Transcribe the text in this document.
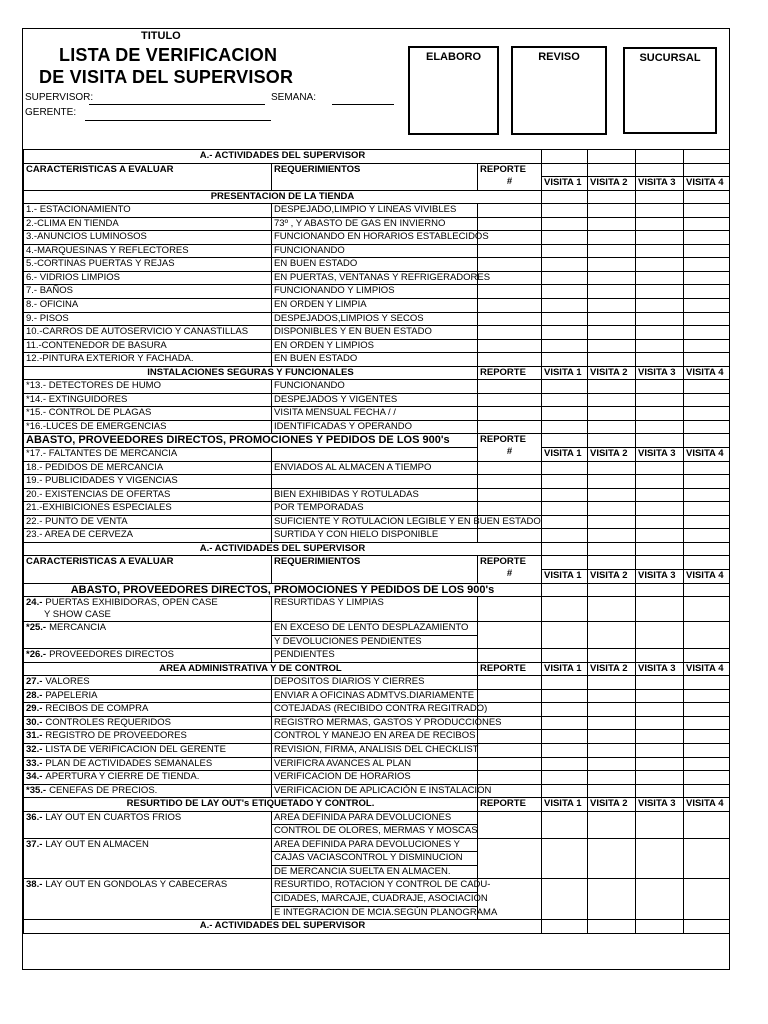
TITULO
LISTA DE VERIFICACION
DE VISITA DEL SUPERVISOR
SUPERVISOR:	SEMANA:
GERENTE:
ELABORO	REVISO	SUCURSAL
A.- ACTIVIDADES DEL SUPERVISOR						
CARACTERISTICAS A EVALUAR	REQUERIMIENTOS	REPORTE
#				

			VISITA 1	VISITA 2	VISITA 3	VISITA 4
PRESENTACION DE LA TIENDA						
1.- ESTACIONAMIENTO	DESPEJADO,LIMPIO Y LINEAS VIVIBLES					
2.-CLIMA EN TIENDA	73º , Y ABASTO DE GAS EN INVIERNO					
3.-ANUNCIOS LUMINOSOS	FUNCIONANDO EN HORARIOS ESTABLECIDOS					
4.-MARQUESINAS Y REFLECTORES	FUNCIONANDO					
5.-CORTINAS PUERTAS Y REJAS	EN BUEN ESTADO					
6.- VIDRIOS LIMPIOS	EN PUERTAS, VENTANAS Y REFRIGERADORES					
7.- BAÑOS	FUNCIONANDO Y LIMPIOS					
8.- OFICINA	EN ORDEN Y LIMPIA					
9.- PISOS	DESPEJADOS,LIMPIOS Y SECOS					
10.-CARROS DE AUTOSERVICIO Y CANASTILLAS	DISPONIBLES Y EN BUEN ESTADO					
11.-CONTENEDOR DE BASURA	EN ORDEN Y LIMPIOS					
12.-PINTURA EXTERIOR Y FACHADA.	EN BUEN ESTADO					
INSTALACIONES SEGURAS Y FUNCIONALES		REPORTE	VISITA 1	VISITA 2	VISITA 3	VISITA 4
*13.- DETECTORES DE HUMO	FUNCIONANDO					
*14.- EXTINGUIDORES	DESPEJADOS Y VIGENTES					
*15.- CONTROL DE PLAGAS	VISITA MENSUAL FECHA / /					
*16.-LUCES DE EMERGENCIAS	IDENTIFICADAS Y OPERANDO					
ABASTO, PROVEEDORES DIRECTOS, PROMOCIONES Y PEDIDOS DE LOS 900's		REPORTE
#				

*17.- FALTANTES DE MERCANCIA			VISITA 1	VISITA 2	VISITA 3	VISITA 4
18.- PEDIDOS DE MERCANCIA	ENVIADOS AL ALMACEN A TIEMPO					
19.- PUBLICIDADES Y VIGENCIAS						
20.- EXISTENCIAS DE OFERTAS	BIEN EXHIBIDAS Y ROTULADAS					
21.-EXHIBICIONES ESPECIALES	POR TEMPORADAS					
22.- PUNTO DE VENTA	SUFICIENTE Y ROTULACION LEGIBLE Y EN BUEN ESTADO					
23.- AREA DE CERVEZA	SURTIDA Y CON HIELO DISPONIBLE					
A.- ACTIVIDADES DEL SUPERVISOR						
CARACTERISTICAS A EVALUAR	REQUERIMIENTOS	REPORTE
#				

			VISITA 1	VISITA 2	VISITA 3	VISITA 4
ABASTO, PROVEEDORES DIRECTOS, PROMOCIONES Y PEDIDOS DE LOS 900's						
24.- PUERTAS EXHIBIDORAS, OPEN CASE
Y SHOW CASE	RESURTIDAS Y LIMPIAS					

*25.- MERCANCIA	EN EXCESO DE LENTO DESPLAZAMIENTO					
	Y DEVOLUCIONES PENDIENTES					
*26.- PROVEEDORES DIRECTOS	PENDIENTES					
AREA ADMINISTRATIVA Y DE CONTROL		REPORTE	VISITA 1	VISITA 2	VISITA 3	VISITA 4
27.- VALORES	DEPOSITOS DIARIOS Y CIERRES					
28.- PAPELERIA	ENVIAR A OFICINAS ADMTVS.DIARIAMENTE					
29.- RECIBOS DE COMPRA	COTEJADAS (RECIBIDO CONTRA REGITRADO)					
30.- CONTROLES REQUERIDOS	REGISTRO MERMAS, GASTOS Y PRODUCCIONES					
31.- REGISTRO DE PROVEEDORES	CONTROL Y MANEJO EN AREA DE RECIBOS					
32.- LISTA DE VERIFICACION DEL GERENTE	REVISION, FIRMA, ANALISIS DEL CHECKLIST					
33.- PLAN DE ACTIVIDADES SEMANALES	VERIFICRA AVANCES AL PLAN					
34.- APERTURA Y CIERRE DE TIENDA.	VERIFICACION DE HORARIOS					
*35.- CENEFAS DE PRECIOS.	VERIFICACION DE APLICACIÓN E INSTALACION					
RESURTIDO DE LAY OUT's ETIQUETADO Y CONTROL.		REPORTE	VISITA 1	VISITA 2	VISITA 3	VISITA 4
36.- LAY OUT EN CUARTOS FRIOS	AREA DEFINIDA PARA DEVOLUCIONES					
	CONTROL DE OLORES, MERMAS Y MOSCAS					
37.- LAY OUT EN ALMACEN	AREA DEFINIDA PARA DEVOLUCIONES Y					
	CAJAS VACIASCONTROL Y DISMINUCION					
	DE MERCANCIA SUELTA EN ALMACEN.					
38.- LAY OUT EN GONDOLAS Y CABECERAS	RESURTIDO, ROTACION Y CONTROL DE CADU-					
	CIDADES, MARCAJE, CUADRAJE, ASOCIACION					
	E INTEGRACION DE MCIA.SEGÚN PLANOGRAMA					
A.- ACTIVIDADES DEL SUPERVISOR						
